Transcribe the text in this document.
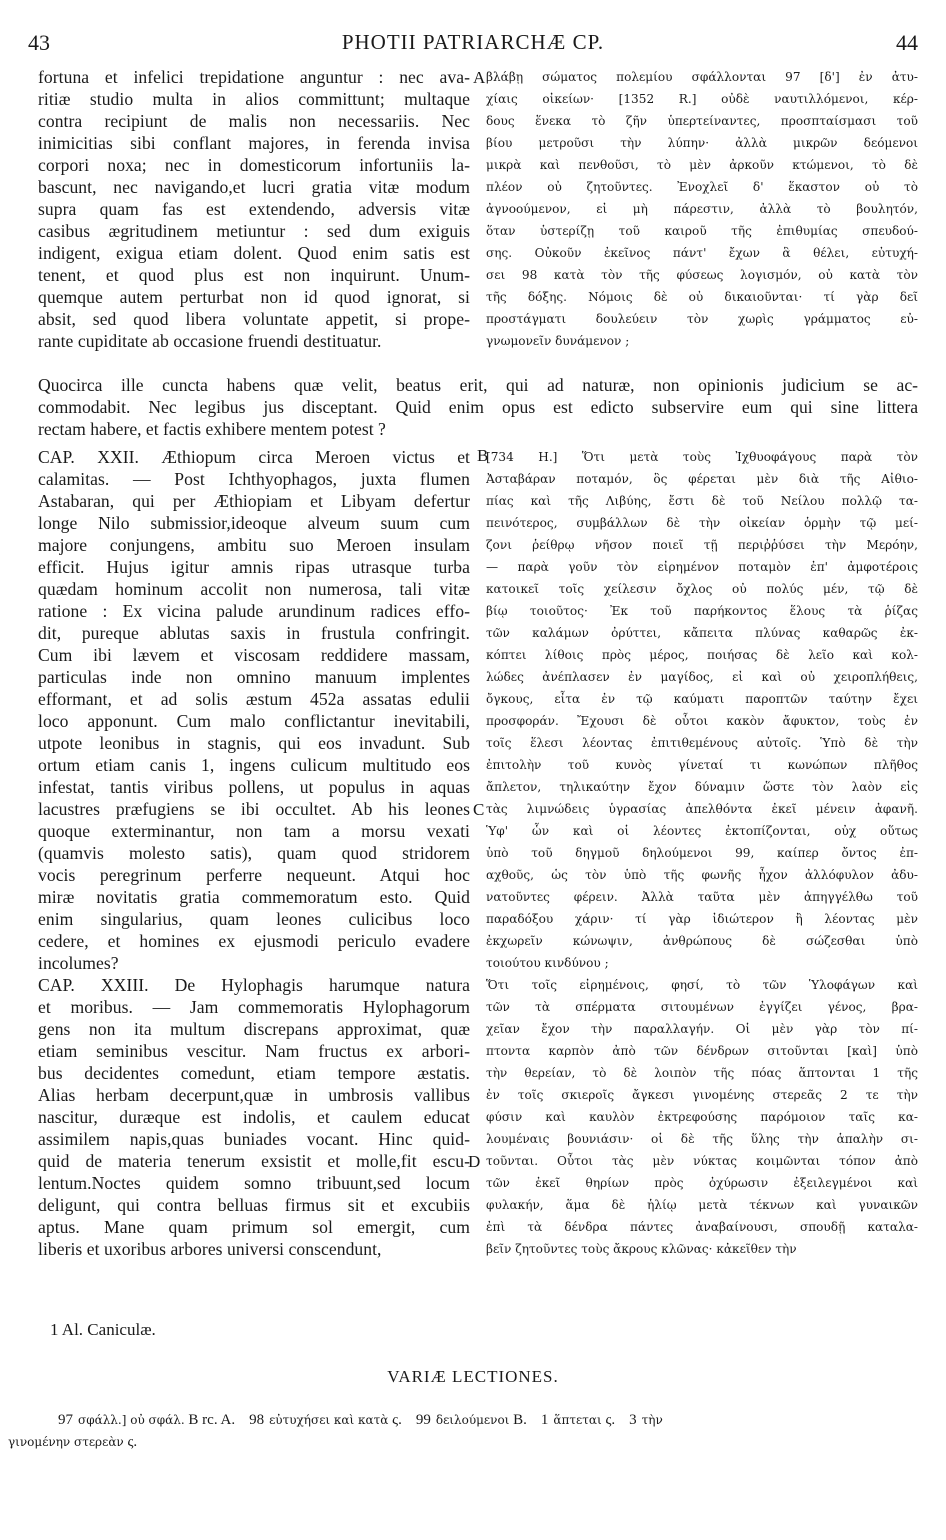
43	PHOTII PATRIARCHÆ CP.	44
fortuna et infelici trepidatione anguntur : nec ava-
ritiæ studio multa in alios committunt; multaque
contra recipiunt de malis non necessariis. Nec
inimicitias sibi conflant majores, in ferenda invisa
corpori noxa; nec in domesticorum infortuniis la-
bascunt, nec navigando,et lucri gratia vitæ modum
supra quam fas est extendendo, adversis vitæ
casibus ægritudinem metiuntur : sed dum exiguis
indigent, exigua etiam dolent. Quod enim satis est
tenent, et quod plus est non inquirunt. Unum-
quemque autem perturbat non id quod ignorat, si
absit, sed quod libera voluntate appetit, si prope-
rante cupiditate ab occasione fruendi destituatur.
βλάβῃ σώματος πολεμίου σφάλλονται 97 [δ'] ἐν ἀτυ-
χίαις οἰκείων· [1352 R.] οὐδὲ ναυτιλλόμενοι, κέρ-
δους ἕνεκα τὸ ζῆν ὑπερτείναντες, προσπταίσμασι τοῦ
βίου μετροῦσι τὴν λύπην· ἀλλὰ μικρῶν δεόμενοι
μικρὰ καὶ πενθοῦσι, τὸ μὲν ἀρκοῦν κτώμενοι, τὸ δὲ
πλέον οὐ ζητοῦντες. Ἐνοχλεῖ δ' ἕκαστον οὐ τὸ
ἀγνοούμενον, εἰ μὴ πάρεστιν, ἀλλὰ τὸ βουλητόν,
ὅταν ὑστερίζῃ τοῦ καιροῦ τῆς ἐπιθυμίας σπευδού-
σης. Οὐκοῦν ἐκεῖνος πάντ' ἔχων ἃ θέλει, εὐτυχή-
σει 98 κατὰ τὸν τῆς φύσεως λογισμόν, οὐ κατὰ τὸν
τῆς δόξης. Νόμοις δὲ οὐ δικαιοῦνται· τί γὰρ δεῖ
προστάγματι δουλεύειν τὸν χωρὶς γράμματος εὐ-
γνωμονεῖν δυνάμενον ;
A
B
C
D
Quocirca ille cuncta habens quæ velit, beatus erit, qui ad naturæ, non opinionis judicium se ac-
commodabit. Nec legibus jus disceptant. Quid enim opus est edicto subservire eum qui sine littera
rectam habere, et factis exhibere mentem potest ?
CAP. XXII. Æthiopum circa Meroen victus et
calamitas. — Post Ichthyophagos, juxta flumen
Astabaran, qui per Æthiopiam et Libyam defertur
longe Nilo submissior,ideoque alveum suum cum
majore conjungens, ambitu suo Meroen insulam
efficit. Hujus igitur amnis ripas utrasque turba
quædam hominum accolit non numerosa, tali vitæ
ratione : Ex vicina palude arundinum radices effo-
dit, pureque ablutas saxis in frustula confringit.
Cum ibi lævem et viscosam reddidere massam,
particulas inde non omnino manuum implentes
efformant, et ad solis æstum 452a assatas edulii
loco apponunt. Cum malo conflictantur inevitabili,
utpote leonibus in stagnis, qui eos invadunt. Sub
ortum etiam canis 1, ingens culicum multitudo eos
infestat, tantis viribus pollens, ut populus in aquas
lacustres præfugiens se ibi occultet. Ab his leones
quoque exterminantur, non tam a morsu vexati
(quamvis molesto satis), quam quod stridorem
vocis peregrinum perferre nequeunt. Atqui hoc
miræ novitatis gratia commemoratum esto. Quid
enim singularius, quam leones culicibus loco
cedere, et homines ex ejusmodi periculo evadere
incolumes?
CAP. XXIII. De Hylophagis harumque natura
et moribus. — Jam commemoratis Hylophagorum
gens non ita multum discrepans approximat, quæ
etiam seminibus vescitur. Nam fructus ex arbori-
bus decidentes comedunt, etiam tempore æstatis.
Alias herbam decerpunt,quæ in umbrosis vallibus
nascitur, duræque est indolis, et caulem educat
assimilem napis,quas buniades vocant. Hinc quid-
quid de materia tenerum exsistit et molle,fit escu-
lentum.Noctes quidem somno tribuunt,sed locum
deligunt, qui contra belluas firmus sit et excubiis
aptus. Mane quam primum sol emergit, cum
liberis et uxoribus arbores universi conscendunt,
[734 H.] Ὅτι μετὰ τοὺς Ἰχθυοφάγους παρὰ τὸν
Ἀσταβάραν ποταμόν, ὃς φέρεται μὲν διὰ τῆς Αἰθιο-
πίας καὶ τῆς Λιβύης, ἔστι δὲ τοῦ Νείλου πολλῷ τα-
πεινότερος, συμβάλλων δὲ τὴν οἰκείαν ὁρμὴν τῷ μεί-
ζονι ῥείθρῳ νῆσον ποιεῖ τῇ περιῤῥύσει τὴν Μερόην,
— παρὰ γοῦν τὸν εἰρημένον ποταμὸν ἐπ' ἀμφοτέροις
κατοικεῖ τοῖς χείλεσιν ὄχλος οὐ πολύς μέν, τῷ δὲ
βίῳ τοιοῦτος· Ἐκ τοῦ παρήκοντος ἕλους τὰ ῥίζας
τῶν καλάμων ὀρύττει, κἄπειτα πλύνας καθαρῶς ἐκ-
κόπτει λίθοις πρὸς μέρος, ποιήσας δὲ λεῖο καὶ κολ-
λώδες ἀνέπλασεν ἐν μαγίδος, εἰ καὶ οὐ χειροπλήθεις,
ὄγκους, εἶτα ἐν τῷ καύματι παροπτῶν ταύτην ἔχει
προσφοράν. Ἔχουσι δὲ οὗτοι κακὸν ἄφυκτον, τοὺς ἐν
τοῖς ἕλεσι λέοντας ἐπιτιθεμένους αὐτοῖς. Ὑπὸ δὲ τὴν
ἐπιτολὴν τοῦ κυνὸς γίνεταί τι κωνώπων πλῆθος
ἄπλετον, τηλικαύτην ἔχον δύναμιν ὥστε τὸν λαὸν εἰς
τὰς λιμνώδεις ὑγρασίας ἀπελθόντα ἐκεῖ μένειν ἀφανῆ.
Ὑφ' ὧν καὶ οἱ λέοντες ἐκτοπίζονται, οὐχ οὕτως
ὑπὸ τοῦ δηγμοῦ δηλούμενοι 99, καίπερ ὄντος ἐπ-
αχθοῦς, ὡς τὸν ὑπὸ τῆς φωνῆς ἦχον ἀλλόφυλον ἀδυ-
νατοῦντες φέρειν. Ἀλλὰ ταῦτα μὲν ἀπηγγέλθω τοῦ
παραδόξου χάριν· τί γὰρ ἰδιώτερον ἢ λέοντας μὲν
ἐκχωρεῖν κώνωψιν, ἀνθρώπους δὲ σώζεσθαι ὑπὸ
τοιούτου κινδύνου ;
Ὅτι τοῖς εἰρημένοις, φησί, τὸ τῶν Ὑλοφάγων καὶ
τῶν τὰ σπέρματα σιτουμένων ἐγγίζει γένος, βρα-
χεῖαν ἔχον τὴν παραλλαγήν. Οἱ μὲν γὰρ τὸν πί-
πτοντα καρπὸν ἀπὸ τῶν δένδρων σιτοῦνται [καὶ] ὑπὸ
τὴν θερείαν, τὸ δὲ λοιπὸν τῆς πόας ἅπτονται 1 τῆς
ἐν τοῖς σκιεροῖς ἄγκεσι γινομένης στερεᾶς 2 τε τὴν
φύσιν καὶ καυλὸν ἐκτρεφούσης παρόμοιον ταῖς κα-
λουμέναις βουνιάσιν· οἱ δὲ τῆς ὕλης τὴν ἁπαλὴν σι-
τοῦνται. Οὗτοι τὰς μὲν νύκτας κοιμῶνται τόπον ἀπὸ
τῶν ἐκεῖ θηρίων πρὸς ὀχύρωσιν ἐξειλεγμένοι καὶ
φυλακήν, ἅμα δὲ ἡλίῳ μετὰ τέκνων καὶ γυναικῶν
ἐπὶ τὰ δένδρα πάντες ἀναβαίνουσι, σπουδῇ καταλα-
βεῖν ζητοῦντες τοὺς ἄκρους κλῶνας· κἀκεῖθεν τὴν
1 Al. Caniculæ.
VARIÆ LECTIONES.
97 σφάλλ.] οὐ σφάλ. B rc. A. 98 εὐτυχήσει καὶ κατὰ ς. 99 δειλούμενοι B. 1 ἅπτεται ς. 3 τὴν
γινομένην στερεὰν ς.
